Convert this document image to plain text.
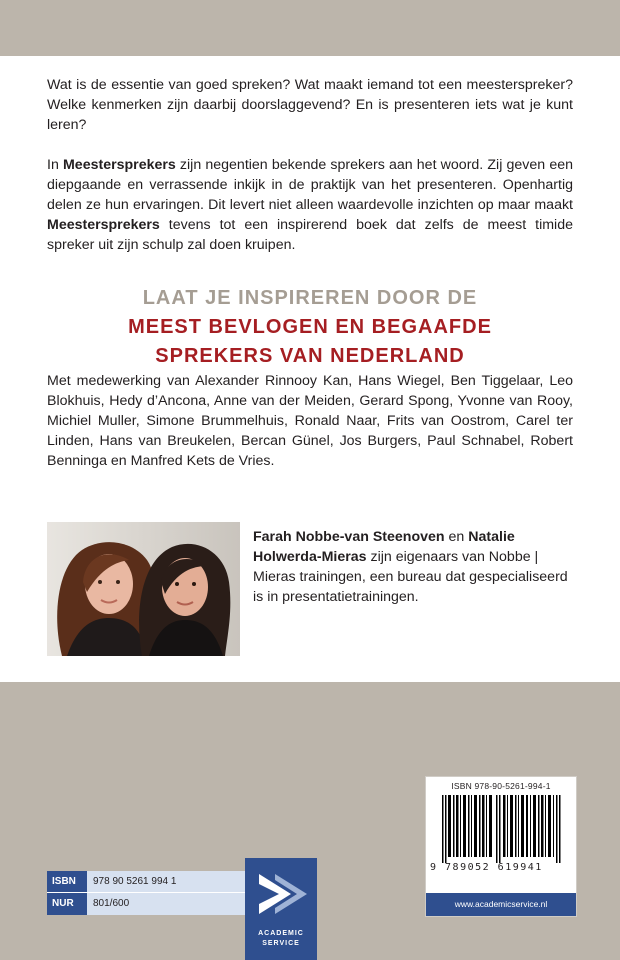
Wat is de essentie van goed spreken? Wat maakt iemand tot een meesterspreker? Welke kenmerken zijn daarbij doorslaggevend? En is presenteren iets wat je kunt leren?

In Meestersprekers zijn negentien bekende sprekers aan het woord. Zij geven een diepgaande en verrassende inkijk in de praktijk van het presenteren. Openhartig delen ze hun ervaringen. Dit levert niet alleen waardevolle inzichten op maar maakt Meestersprekers tevens tot een inspirerend boek dat zelfs de meest timide spreker uit zijn schulp zal doen kruipen.

LAAT JE INSPIREREN DOOR DE
MEEST BEVLOGEN EN BEGAAFDE
SPREKERS VAN NEDERLAND

Met medewerking van Alexander Rinnooy Kan, Hans Wiegel, Ben Tiggelaar, Leo Blokhuis, Hedy d’Ancona, Anne van der Meiden, Gerard Spong, Yvonne van Rooy, Michiel Muller, Simone Brummelhuis, Ronald Naar, Frits van Oostrom, Carel ter Linden, Hans van Breukelen, Bercan Günel, Jos Burgers, Paul Schnabel, Robert Benninga en Manfred Kets de Vries.

Farah Nobbe-van Steenoven en Natalie Holwerda-Mieras zijn eigenaars van Nobbe | Mieras trainingen, een bureau dat gespecialiseerd is in presentatietrainingen.
ISBN 978-90-5261-994-1
9 789052 619941
www.academicservice.nl
ISBN	978 90 5261 994 1
NUR	801/600
ACADEMIC
SERVICE
